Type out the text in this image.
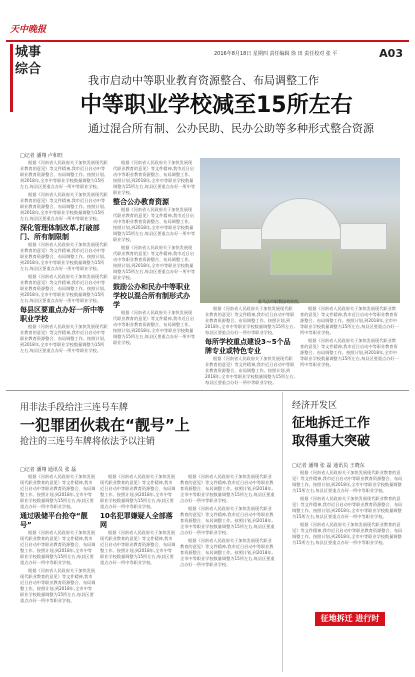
天中晚报
城事
综合
2016年8月18日 星期四 责任编辑 徐 田 责任校对 张 平	A03
我市启动中等职业教育资源整合、布局调整工作
中等职业学校减至15所左右
通过混合所有制、公办民助、民办公助等多种形式整合资源
□记者 潘翔 卢和旺

根据《河南省人民政府关于加快发展现代职业教育的意见》等文件精神,我市近日启动中等职业教育资源整合、布局调整工作。按照计划,到2018年,全市中等职业学校数量调整为15所左右,每县区要重点办好一所中等职业学校。

根据《河南省人民政府关于加快发展现代职业教育的意见》等文件精神,我市近日启动中等职业教育资源整合、布局调整工作。按照计划,到2018年,全市中等职业学校数量调整为15所左右,每县区要重点办好一所中等职业学校。

深化管理体制改革,打破部门、所有制限制

根据《河南省人民政府关于加快发展现代职业教育的意见》等文件精神,我市近日启动中等职业教育资源整合、布局调整工作。按照计划,到2018年,全市中等职业学校数量调整为15所左右,每县区要重点办好一所中等职业学校。

根据《河南省人民政府关于加快发展现代职业教育的意见》等文件精神,我市近日启动中等职业教育资源整合、布局调整工作。按照计划,到2018年,全市中等职业学校数量调整为15所左右,每县区要重点办好一所中等职业学校。

每县区要重点办好一所中等职业学校

根据《河南省人民政府关于加快发展现代职业教育的意见》等文件精神,我市近日启动中等职业教育资源整合、布局调整工作。按照计划,到2018年,全市中等职业学校数量调整为15所左右,每县区要重点办好一所中等职业学校。

根据《河南省人民政府关于加快发展现代职业教育的意见》等文件精神,我市近日启动中等职业教育资源整合、布局调整工作。按照计划,到2018年,全市中等职业学校数量调整为15所左右,每县区要重点办好一所中等职业学校。

整合公办教育资源

根据《河南省人民政府关于加快发展现代职业教育的意见》等文件精神,我市近日启动中等职业教育资源整合、布局调整工作。按照计划,到2018年,全市中等职业学校数量调整为15所左右,每县区要重点办好一所中等职业学校。

根据《河南省人民政府关于加快发展现代职业教育的意见》等文件精神,我市近日启动中等职业教育资源整合、布局调整工作。按照计划,到2018年,全市中等职业学校数量调整为15所左右,每县区要重点办好一所中等职业学校。

鼓励公办和民办中等职业学校以混合所有制形式办学

根据《河南省人民政府关于加快发展现代职业教育的意见》等文件精神,我市近日启动中等职业教育资源整合、布局调整工作。按照计划,到2018年,全市中等职业学校数量调整为15所左右,每县区要重点办好一所中等职业学校。

驻马店市职教园效果图。

根据《河南省人民政府关于加快发展现代职业教育的意见》等文件精神,我市近日启动中等职业教育资源整合、布局调整工作。按照计划,到2018年,全市中等职业学校数量调整为15所左右,每县区要重点办好一所中等职业学校。

每所学校重点建设3~5个品牌专业或特色专业

根据《河南省人民政府关于加快发展现代职业教育的意见》等文件精神,我市近日启动中等职业教育资源整合、布局调整工作。按照计划,到2018年,全市中等职业学校数量调整为15所左右,每县区要重点办好一所中等职业学校。

根据《河南省人民政府关于加快发展现代职业教育的意见》等文件精神,我市近日启动中等职业教育资源整合、布局调整工作。按照计划,到2018年,全市中等职业学校数量调整为15所左右,每县区要重点办好一所中等职业学校。

根据《河南省人民政府关于加快发展现代职业教育的意见》等文件精神,我市近日启动中等职业教育资源整合、布局调整工作。按照计划,到2018年,全市中等职业学校数量调整为15所左右,每县区要重点办好一所中等职业学校。

用非法手段给注三连号车牌
一犯罪团伙栽在“靓号”上
抢注的三连号车牌将依法予以注销
□记者 潘翔 通讯员 张 磊

根据《河南省人民政府关于加快发展现代职业教育的意见》等文件精神,我市近日启动中等职业教育资源整合、布局调整工作。按照计划,到2018年,全市中等职业学校数量调整为15所左右,每县区要重点办好一所中等职业学校。

通过吸储平台抢夺“靓号”

根据《河南省人民政府关于加快发展现代职业教育的意见》等文件精神,我市近日启动中等职业教育资源整合、布局调整工作。按照计划,到2018年,全市中等职业学校数量调整为15所左右,每县区要重点办好一所中等职业学校。

根据《河南省人民政府关于加快发展现代职业教育的意见》等文件精神,我市近日启动中等职业教育资源整合、布局调整工作。按照计划,到2018年,全市中等职业学校数量调整为15所左右,每县区要重点办好一所中等职业学校。

根据《河南省人民政府关于加快发展现代职业教育的意见》等文件精神,我市近日启动中等职业教育资源整合、布局调整工作。按照计划,到2018年,全市中等职业学校数量调整为15所左右,每县区要重点办好一所中等职业学校。

10名犯罪嫌疑人全部落网

根据《河南省人民政府关于加快发展现代职业教育的意见》等文件精神,我市近日启动中等职业教育资源整合、布局调整工作。按照计划,到2018年,全市中等职业学校数量调整为15所左右,每县区要重点办好一所中等职业学校。

根据《河南省人民政府关于加快发展现代职业教育的意见》等文件精神,我市近日启动中等职业教育资源整合、布局调整工作。按照计划,到2018年,全市中等职业学校数量调整为15所左右,每县区要重点办好一所中等职业学校。

根据《河南省人民政府关于加快发展现代职业教育的意见》等文件精神,我市近日启动中等职业教育资源整合、布局调整工作。按照计划,到2018年,全市中等职业学校数量调整为15所左右,每县区要重点办好一所中等职业学校。

根据《河南省人民政府关于加快发展现代职业教育的意见》等文件精神,我市近日启动中等职业教育资源整合、布局调整工作。按照计划,到2018年,全市中等职业学校数量调整为15所左右,每县区要重点办好一所中等职业学校。

经济开发区
征地拆迁工作
取得重大突破
□记者 潘翔 张 磊 通讯员 王晓东

根据《河南省人民政府关于加快发展现代职业教育的意见》等文件精神,我市近日启动中等职业教育资源整合、布局调整工作。按照计划,到2018年,全市中等职业学校数量调整为15所左右,每县区要重点办好一所中等职业学校。

根据《河南省人民政府关于加快发展现代职业教育的意见》等文件精神,我市近日启动中等职业教育资源整合、布局调整工作。按照计划,到2018年,全市中等职业学校数量调整为15所左右,每县区要重点办好一所中等职业学校。

根据《河南省人民政府关于加快发展现代职业教育的意见》等文件精神,我市近日启动中等职业教育资源整合、布局调整工作。按照计划,到2018年,全市中等职业学校数量调整为15所左右,每县区要重点办好一所中等职业学校。

征地拆迁 进行时
